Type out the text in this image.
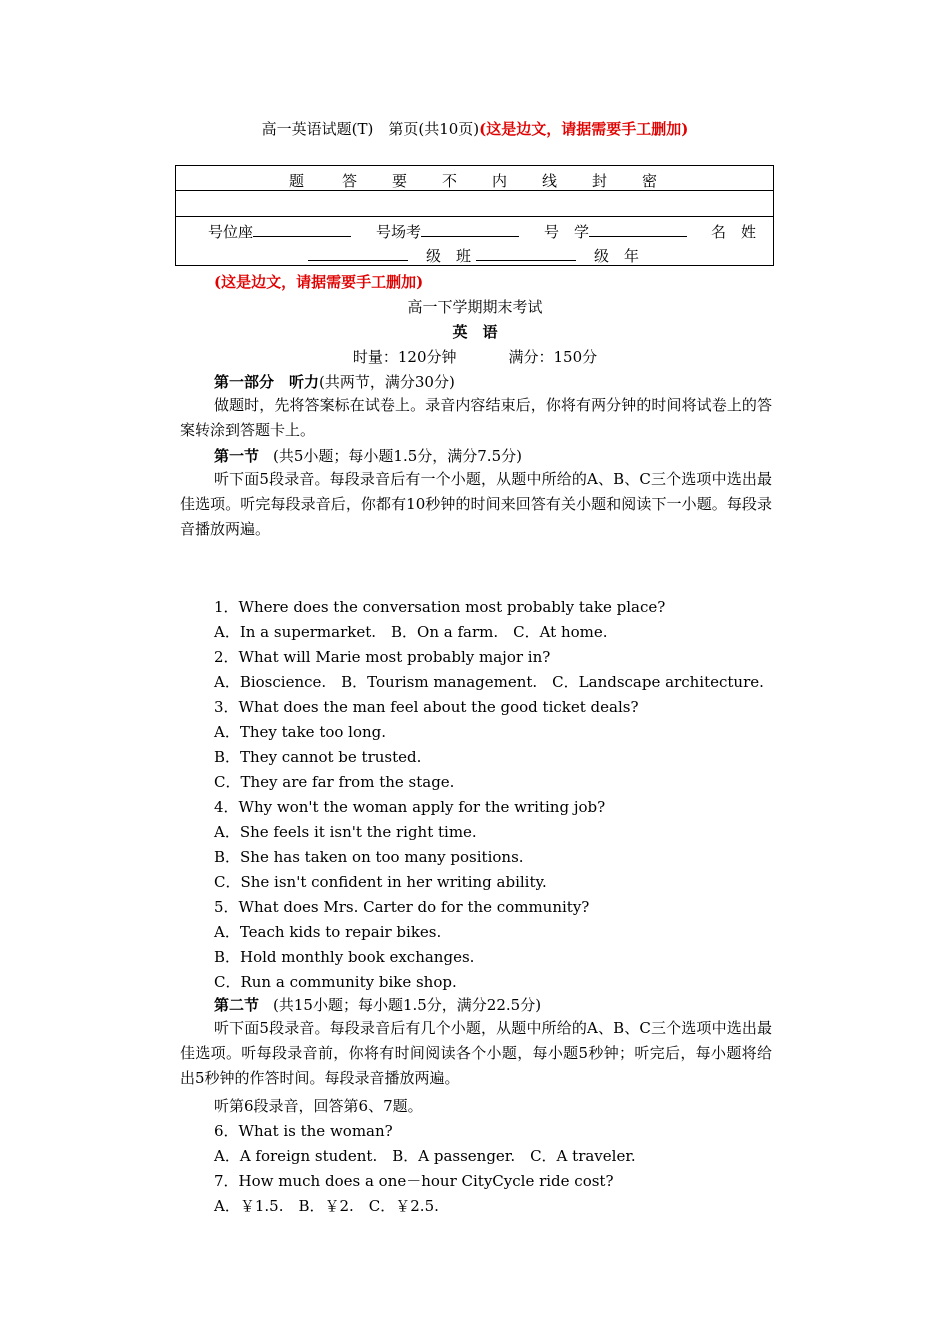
高一英语试题(T)　第页(共10页)(这是边文，请据需要手工删加)
题	答 要 不 内 线 封 密
号位座	号场考	号　学	名　姓
级　班	级　年
(这是边文，请据需要手工删加)
高一下学期期末考试
英　语
时量：120分钟	满分：150分
第一部分　听力(共两节，满分30分)
做题时，先将答案标在试卷上。录音内容结束后，你将有两分钟的时间将试卷上的答案转涂到答题卡上。
第一节 (共5小题；每小题1.5分，满分7.5分)
听下面5段录音。每段录音后有一个小题，从题中所给的A、B、C三个选项中选出最佳选项。听完每段录音后，你都有10秒钟的时间来回答有关小题和阅读下一小题。每段录音播放两遍。
1．Where does the conversation most probably take place?
A．In a supermarket.　B．On a farm.　C．At home.
2．What will Marie most probably major in?
A．Bioscience.　B．Tourism management.　C．Landscape architecture.
3．What does the man feel about the good ticket deals?
A．They take too long.
B．They cannot be trusted.
C．They are far from the stage.
4．Why won't the woman apply for the writing job?
A．She feels it isn't the right time.
B．She has taken on too many positions.
C．She isn't confident in her writing ability.
5．What does Mrs. Carter do for the community?
A．Teach kids to repair bikes.
B．Hold monthly book exchanges.
C．Run a community bike shop.
第二节 (共15小题；每小题1.5分，满分22.5分)
听下面5段录音。每段录音后有几个小题，从题中所给的A、B、C三个选项中选出最佳选项。听每段录音前，你将有时间阅读各个小题，每小题5秒钟；听完后，每小题将给出5秒钟的作答时间。每段录音播放两遍。
听第6段录音，回答第6、7题。
6．What is the woman?
A．A foreign student.　B．A passenger.　C．A traveler.
7．How much does a one－hour CityCycle ride cost?
A．￥1.5.　B．￥2.　C．￥2.5.
